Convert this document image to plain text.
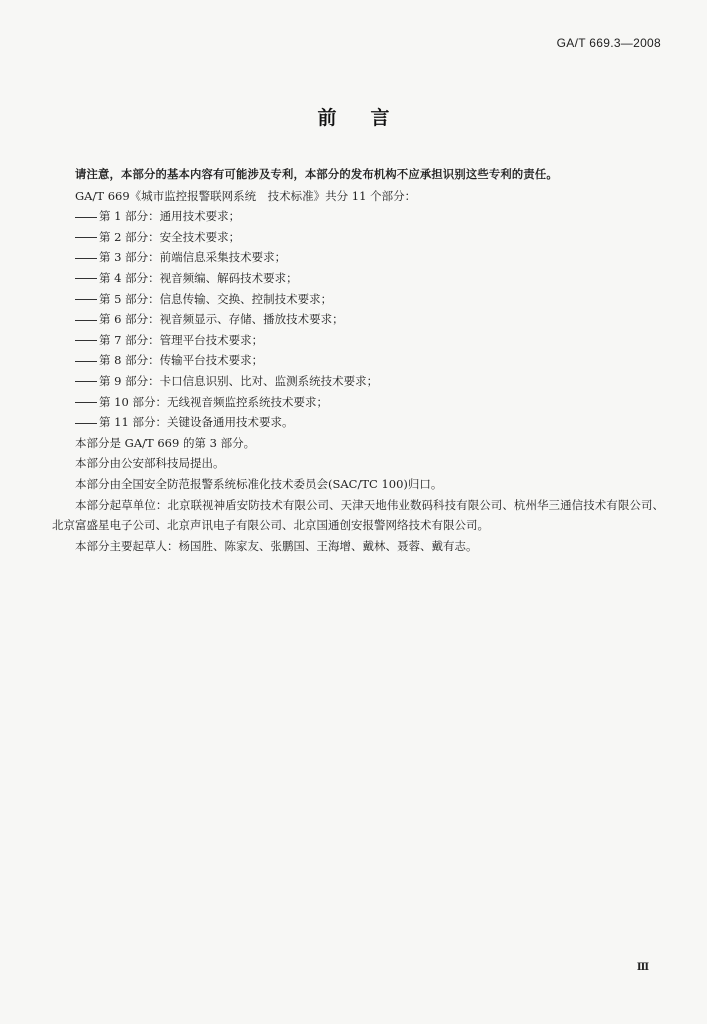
GA/T 669.3—2008
前言

请注意，本部分的基本内容有可能涉及专利，本部分的发布机构不应承担识别这些专利的责任。

GA/T 669《城市监控报警联网系统　技术标准》共分 11 个部分：

第 1 部分：通用技术要求；

第 2 部分：安全技术要求；

第 3 部分：前端信息采集技术要求；

第 4 部分：视音频编、解码技术要求；

第 5 部分：信息传输、交换、控制技术要求；

第 6 部分：视音频显示、存储、播放技术要求；

第 7 部分：管理平台技术要求；

第 8 部分：传输平台技术要求；

第 9 部分：卡口信息识别、比对、监测系统技术要求；

第 10 部分：无线视音频监控系统技术要求；

第 11 部分：关键设备通用技术要求。

本部分是 GA/T 669 的第 3 部分。

本部分由公安部科技局提出。

本部分由全国安全防范报警系统标准化技术委员会(SAC/TC 100)归口。

本部分起草单位：北京联视神盾安防技术有限公司、天津天地伟业数码科技有限公司、杭州华三通信技术有限公司、北京富盛星电子公司、北京声讯电子有限公司、北京国通创安报警网络技术有限公司。

本部分主要起草人：杨国胜、陈家友、张鹏国、王海增、戴林、聂蓉、戴有志。

Ⅲ
